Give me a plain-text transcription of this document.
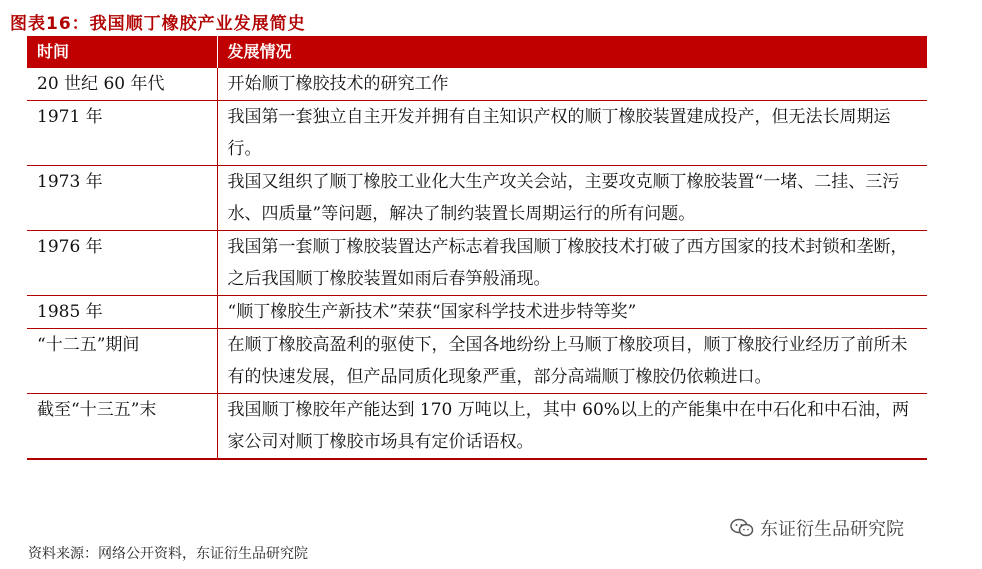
图表16：我国顺丁橡胶产业发展简史
时间	发展情况
20 世纪 60 年代	开始顺丁橡胶技术的研究工作
1971 年	我国第一套独立自主开发并拥有自主知识产权的顺丁橡胶装置建成投产，但无法长周期运行。
1973 年	我国又组织了顺丁橡胶工业化大生产攻关会站，主要攻克顺丁橡胶装置“一堵、二挂、三污水、四质量”等问题，解决了制约装置长周期运行的所有问题。
1976 年	我国第一套顺丁橡胶装置达产标志着我国顺丁橡胶技术打破了西方国家的技术封锁和垄断，之后我国顺丁橡胶装置如雨后春笋般涌现。
1985 年	“顺丁橡胶生产新技术”荣获“国家科学技术进步特等奖”
“十二五”期间	在顺丁橡胶高盈利的驱使下，全国各地纷纷上马顺丁橡胶项目，顺丁橡胶行业经历了前所未有的快速发展，但产品同质化现象严重，部分高端顺丁橡胶仍依赖进口。
截至“十三五”末	我国顺丁橡胶年产能达到 170 万吨以上，其中 60%以上的产能集中在中石化和中石油，两家公司对顺丁橡胶市场具有定价话语权。
资料来源：网络公开资料，东证衍生品研究院
东证衍生品研究院
